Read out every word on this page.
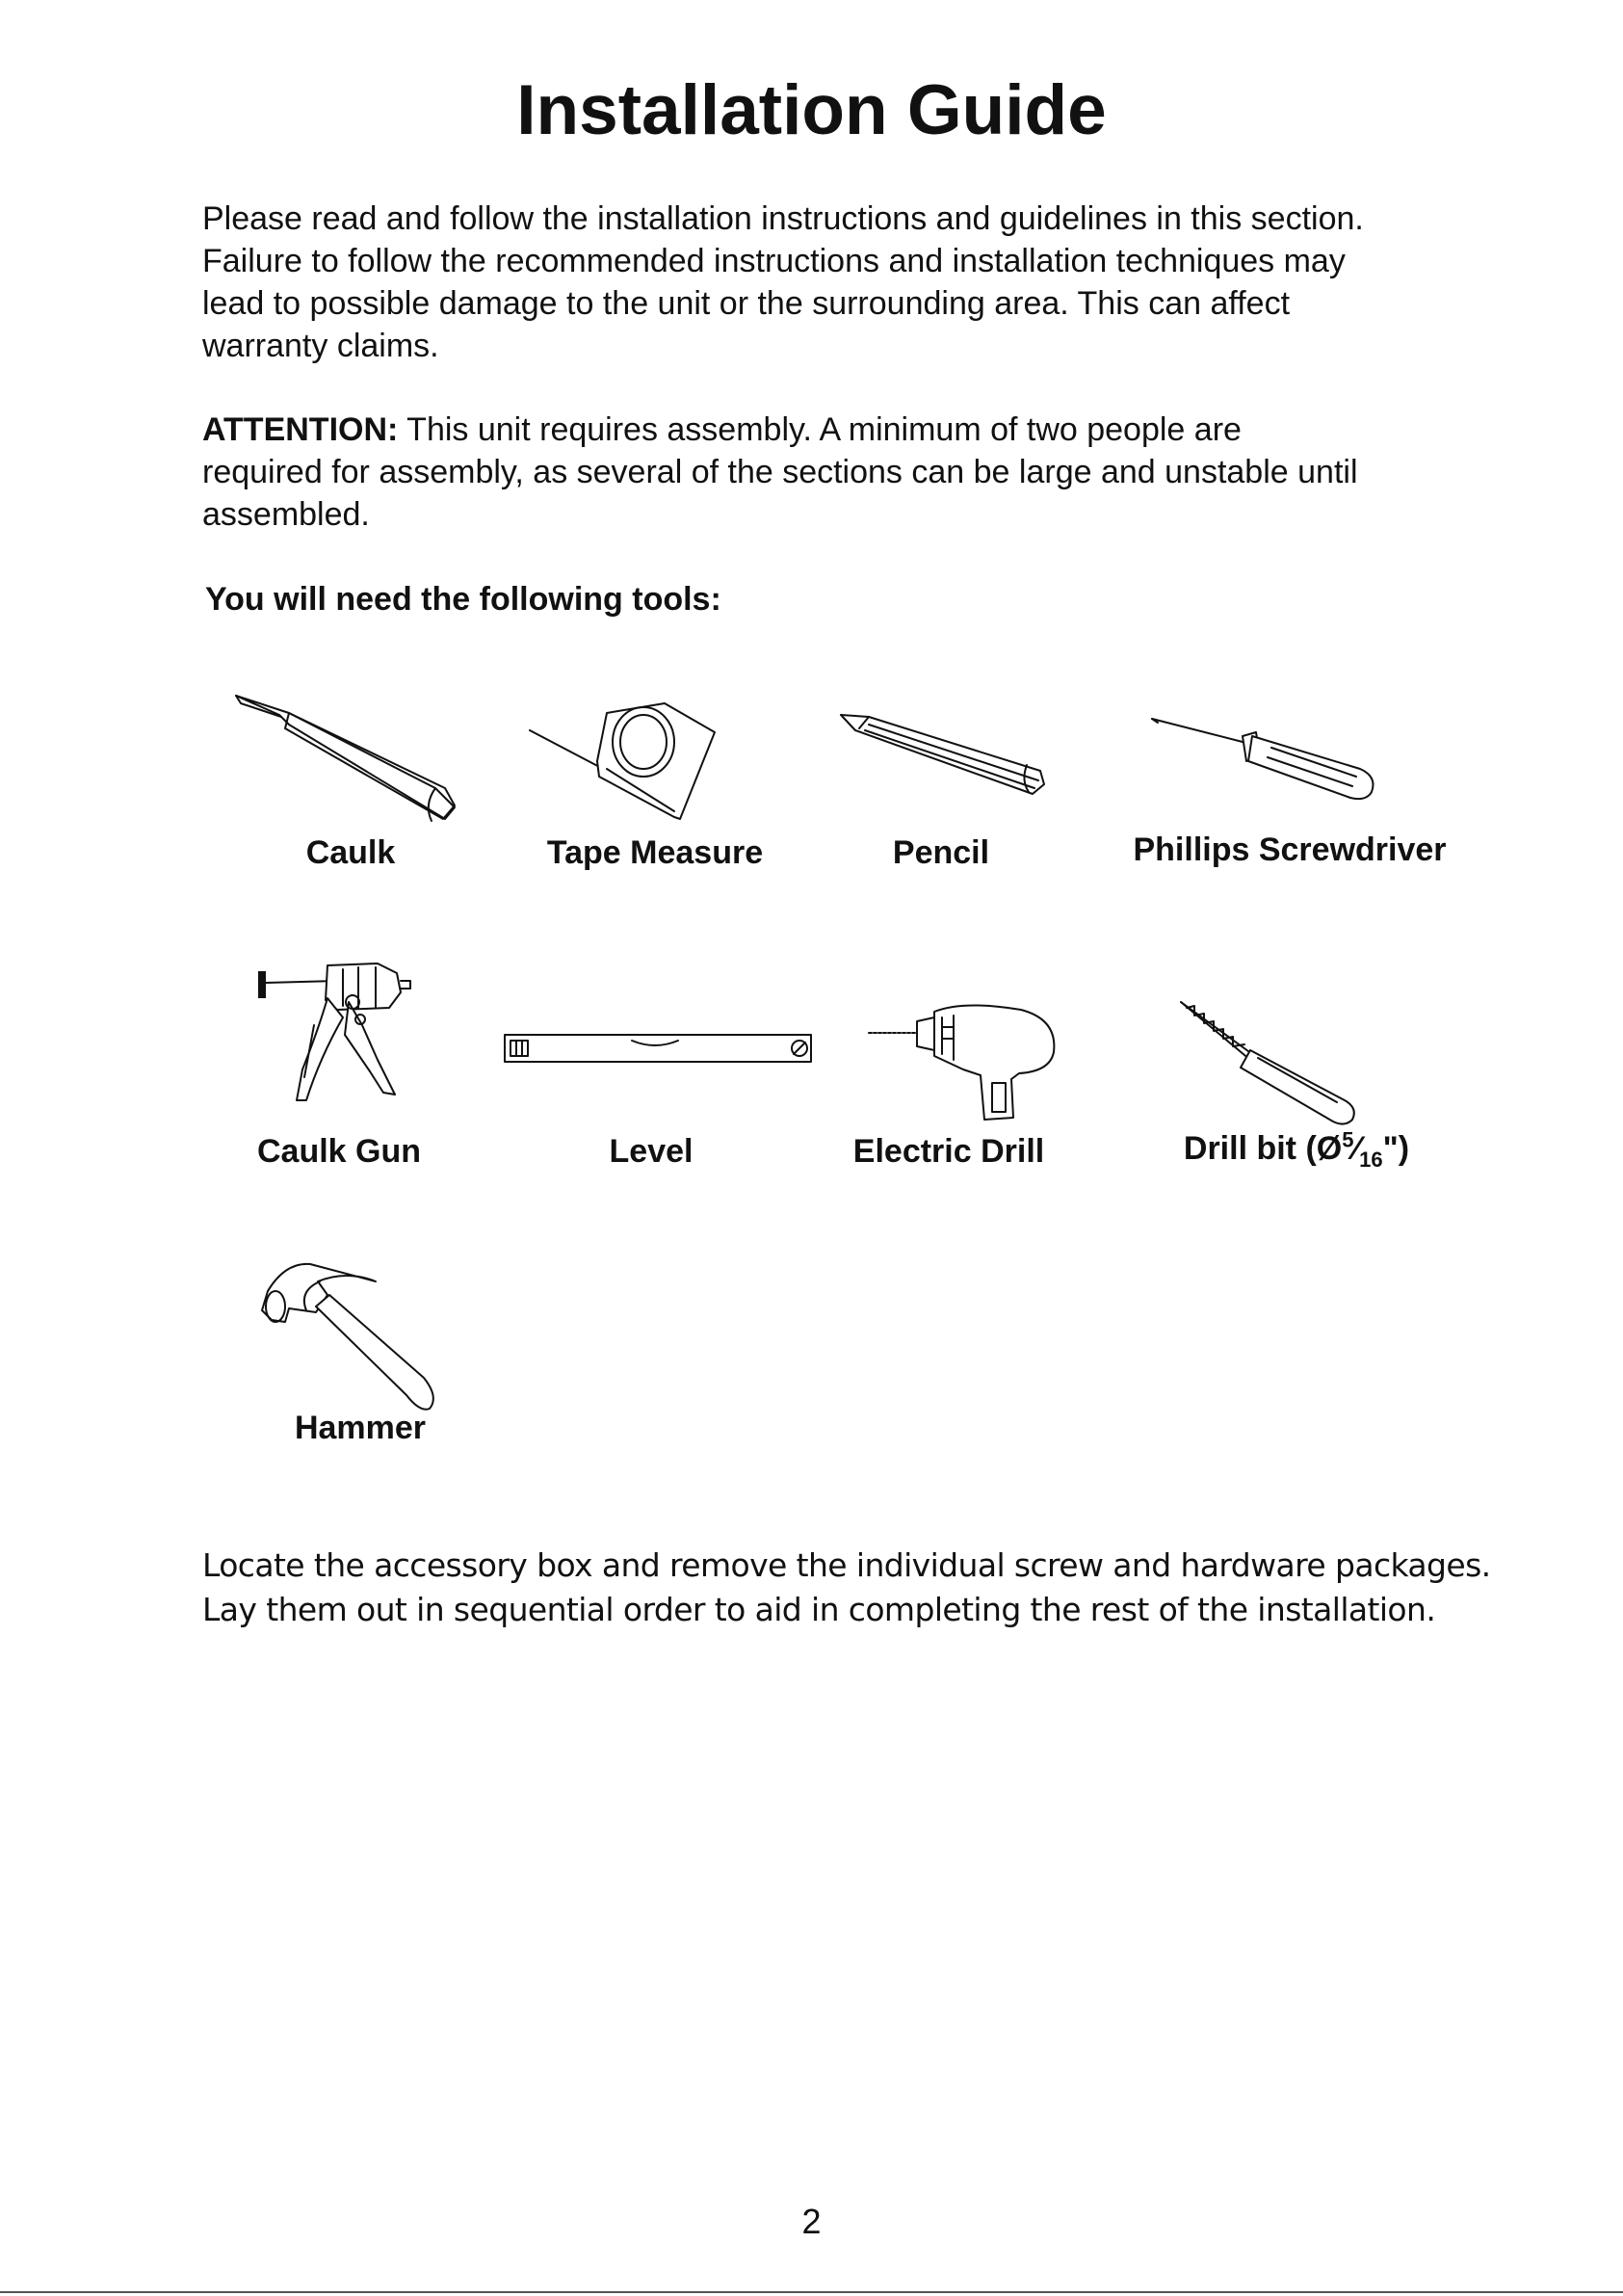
Installation Guide

Please read and follow the installation instructions and guidelines in this section.
Failure to follow the recommended instructions and installation techniques may
lead to possible damage to the unit or the surrounding area. This can affect
warranty claims.

ATTENTION: This unit requires assembly. A minimum of two people are
required for assembly, as several of the sections can be large and unstable until
assembled.

You will need the following tools:

Caulk	Tape Measure	Pencil	Phillips Screwdriver
Caulk Gun	Level	Electric Drill	Drill bit $(Ø^5⁄_{16}")$
Hammer

Locate the accessory box and remove the individual screw and hardware packages.
Lay them out in sequential order to aid in completing the rest of the installation.

2
